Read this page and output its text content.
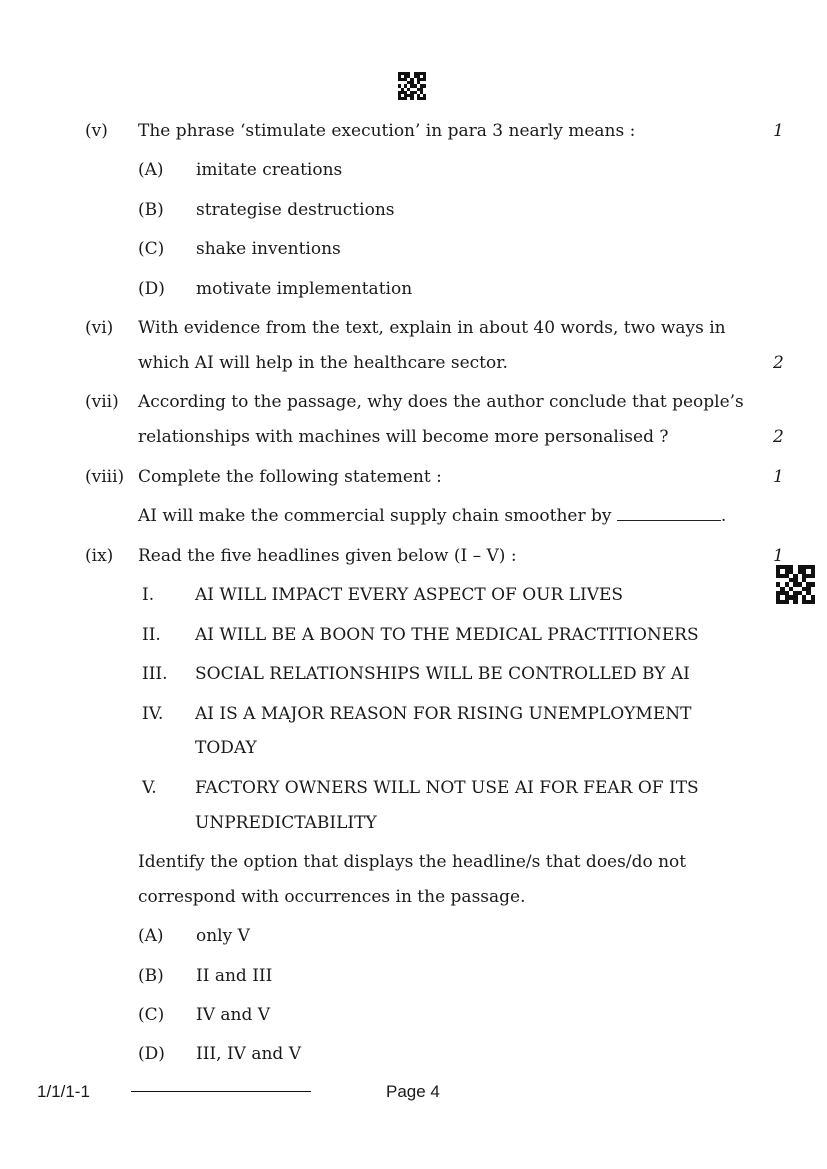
(v) The phrase ‘stimulate execution’ in para 3 nearly means :	1
(A) imitate creations
(B) strategise destructions
(C) shake inventions
(D) motivate implementation
(vi) With evidence from the text, explain in about 40 words, two ways in
which AI will help in the healthcare sector.	2
(vii) According to the passage, why does the author conclude that people’s
relationships with machines will become more personalised ?	2
(viii) Complete the following statement :	1
AI will make the commercial supply chain smoother by	.
(ix) Read the five headlines given below (I – V) :	1
I. AI WILL IMPACT EVERY ASPECT OF OUR LIVES
II. AI WILL BE A BOON TO THE MEDICAL PRACTITIONERS
III. SOCIAL RELATIONSHIPS WILL BE CONTROLLED BY AI
IV. AI IS A MAJOR REASON FOR RISING UNEMPLOYMENT
TODAY
V. FACTORY OWNERS WILL NOT USE AI FOR FEAR OF ITS
UNPREDICTABILITY
Identify the option that displays the headline/s that does/do not
correspond with occurrences in the passage.
(A) only V
(B) II and III
(C) IV and V
(D) III, IV and V
1/1/1-1	Page 4
